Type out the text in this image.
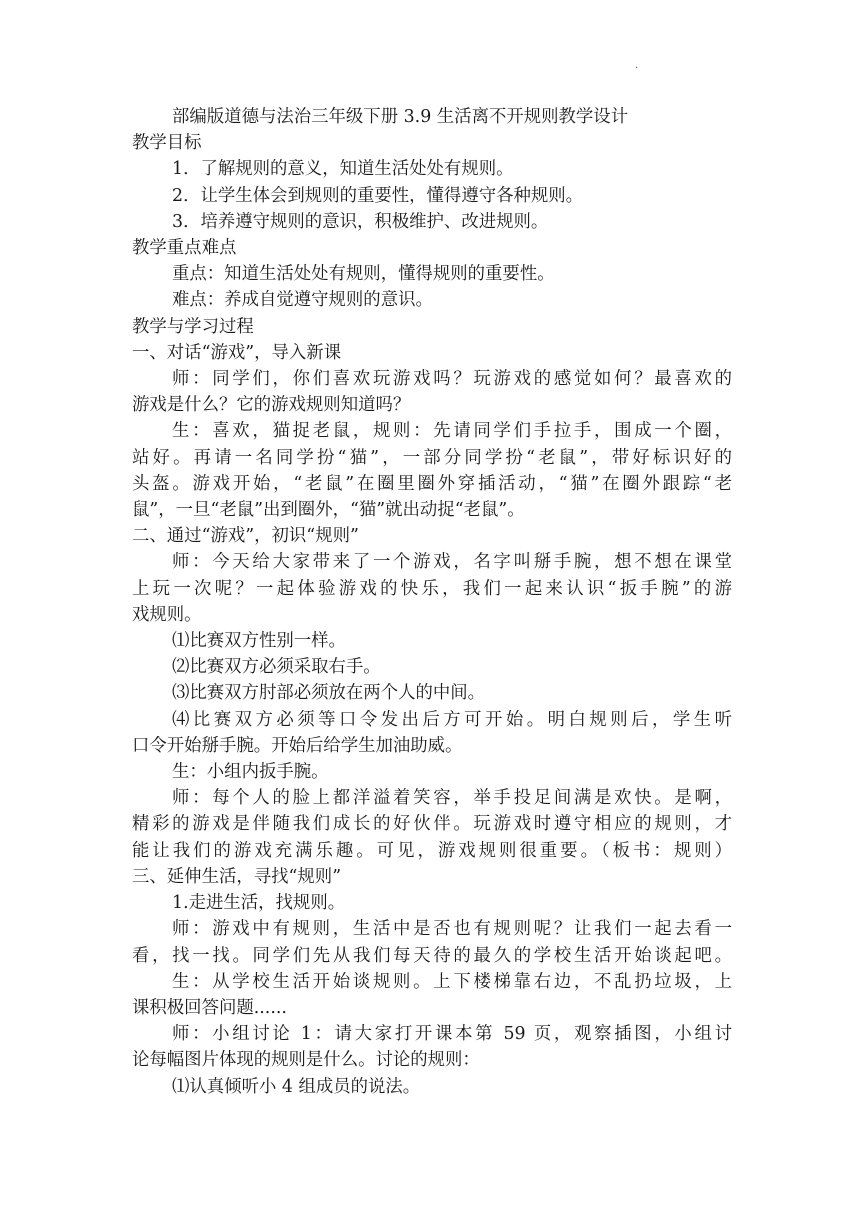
.
部编版道德与法治三年级下册 3.9 生活离不开规则教学设计
教学目标
1．了解规则的意义，知道生活处处有规则。
2．让学生体会到规则的重要性，懂得遵守各种规则。
3．培养遵守规则的意识，积极维护、改进规则。
教学重点难点
重点：知道生活处处有规则，懂得规则的重要性。
难点：养成自觉遵守规则的意识。
教学与学习过程
一、对话“游戏”，导入新课
师：同学们，你们喜欢玩游戏吗？玩游戏的感觉如何？最喜欢的
游戏是什么？它的游戏规则知道吗？
生：喜欢，猫捉老鼠，规则：先请同学们手拉手，围成一个圈，
站好。再请一名同学扮“猫”，一部分同学扮“老鼠”，带好标识好的
头盔。游戏开始，“老鼠”在圈里圈外穿插活动，“猫”在圈外跟踪“老
鼠”，一旦“老鼠”出到圈外，“猫”就出动捉“老鼠”。
二、通过“游戏”，初识“规则”
师：今天给大家带来了一个游戏，名字叫掰手腕，想不想在课堂
上玩一次呢？一起体验游戏的快乐，我们一起来认识“扳手腕”的游
戏规则。
⑴比赛双方性别一样。
⑵比赛双方必须采取右手。
⑶比赛双方肘部必须放在两个人的中间。
⑷比赛双方必须等口令发出后方可开始。明白规则后，学生听
口令开始掰手腕。开始后给学生加油助威。
生：小组内扳手腕。
师：每个人的脸上都洋溢着笑容，举手投足间满是欢快。是啊，
精彩的游戏是伴随我们成长的好伙伴。玩游戏时遵守相应的规则，才
能让我们的游戏充满乐趣。可见，游戏规则很重要。（板书：规则）
三、延伸生活，寻找“规则”
1.走进生活，找规则。
师：游戏中有规则，生活中是否也有规则呢？让我们一起去看一
看，找一找。同学们先从我们每天待的最久的学校生活开始谈起吧。
生：从学校生活开始谈规则。上下楼梯靠右边，不乱扔垃圾，上
课积极回答问题......
师：小组讨论 1：请大家打开课本第 59 页，观察插图，小组讨
论每幅图片体现的规则是什么。讨论的规则：
⑴认真倾听小 4 组成员的说法。
